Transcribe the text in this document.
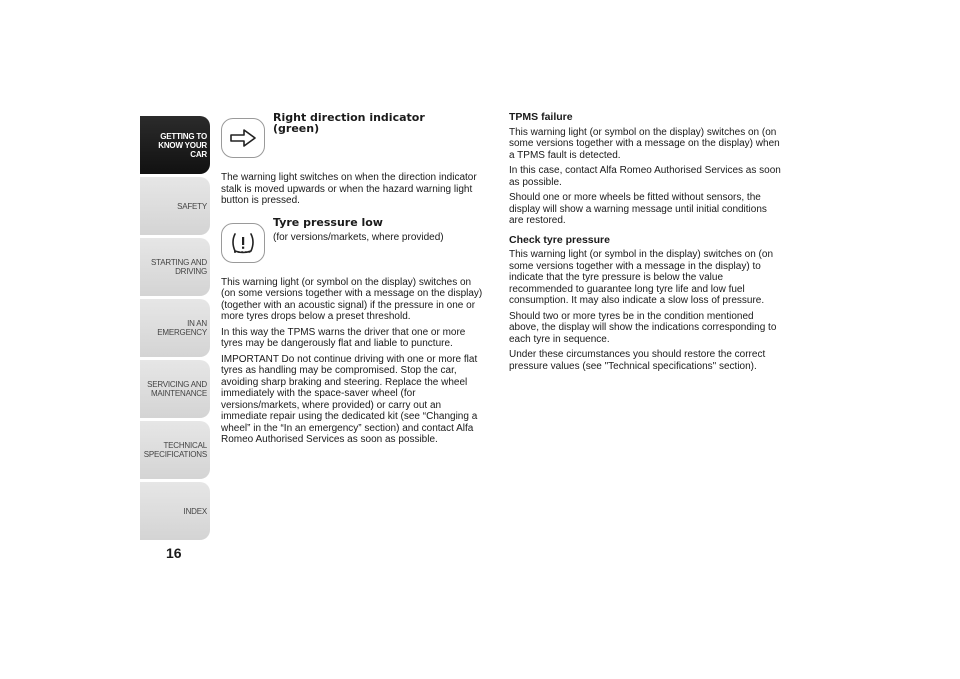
GETTING TO
KNOW YOUR CAR
SAFETY
STARTING AND
DRIVING
IN AN EMERGENCY
SERVICING AND
MAINTENANCE
TECHNICAL
SPECIFICATIONS
INDEX
16
Right direction indicator
(green)

The warning light switches on when the direction indicator stalk is moved upwards or when the hazard warning light button is pressed.

Tyre pressure low
(for versions/markets, where provided)

This warning light (or symbol on the display) switches on (on some versions together with a message on the display) (together with an acoustic signal) if the pressure in one or more tyres drops below a preset threshold.

In this way the TPMS warns the driver that one or more tyres may be dangerously flat and liable to puncture.

IMPORTANT Do not continue driving with one or more flat tyres as handling may be compromised. Stop the car, avoiding sharp braking and steering. Replace the wheel immediately with the space-saver wheel (for versions/markets, where provided) or carry out an immediate repair using the dedicated kit (see “Changing a wheel” in the “In an emergency” section) and contact Alfa Romeo Authorised Services as soon as possible.

TPMS failure

This warning light (or symbol on the display) switches on (on some versions together with a message on the display) when a TPMS fault is detected.

In this case, contact Alfa Romeo Authorised Services as soon as possible.

Should one or more wheels be fitted without sensors, the display will show a warning message until initial conditions are restored.

Check tyre pressure

This warning light (or symbol in the display) switches on (on some versions together with a message in the display) to indicate that the tyre pressure is below the value recommended to guarantee long tyre life and low fuel consumption. It may also indicate a slow loss of pressure.

Should two or more tyres be in the condition mentioned above, the display will show the indications corresponding to each tyre in sequence.

Under these circumstances you should restore the correct pressure values (see "Technical specifications" section).
